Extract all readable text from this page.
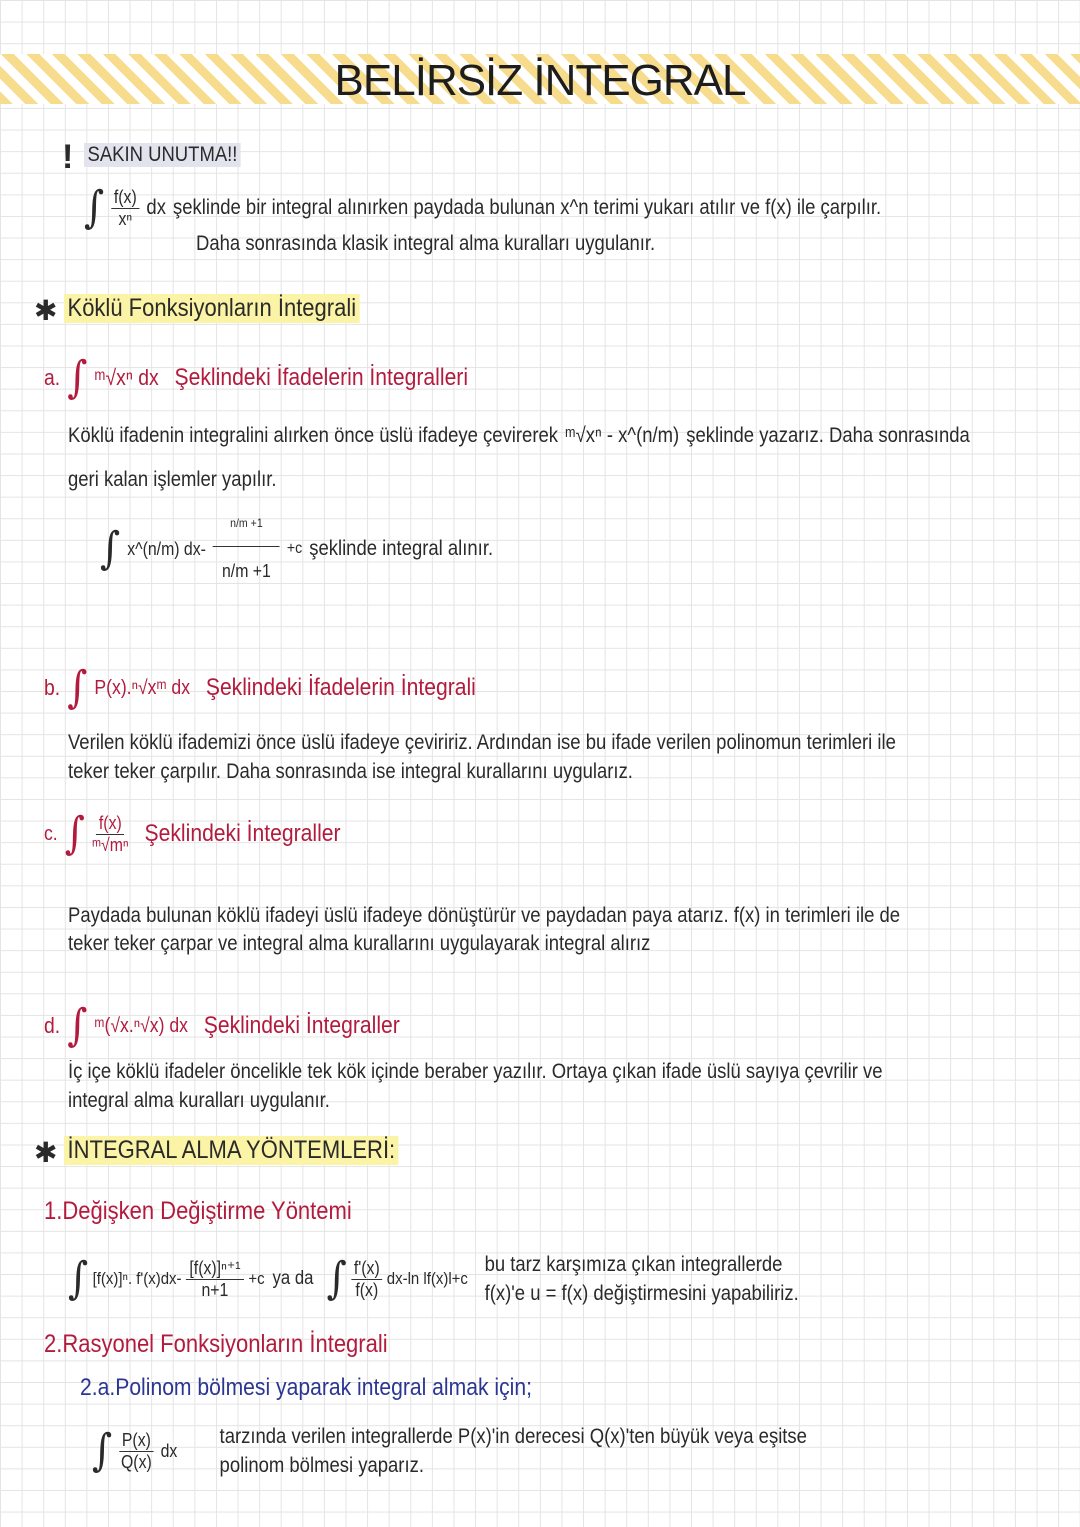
BELİRSİZ İNTEGRAL
! SAKIN UNUTMA!!
∫ $\frac{f(x)}{\text{xⁿ}}$ dx şeklinde bir integral alınırken paydada bulunan x^n terimi yukarı atılır ve f(x) ile çarpılır.
Daha sonrasında klasik integral alma kuralları uygulanır.
✱ Köklü Fonksiyonların İntegrali
a. ∫ ᵐ√xⁿ dx Şeklindeki İfadelerin İntegralleri
Köklü ifadenin integralini alırken önce üslü ifadeye çevirerek ᵐ√xⁿ - x^(n/m) şeklinde yazarız. Daha sonrasında
geri kalan işlemler yapılır.
∫ x^(n/m) $dx- \frac{n/m +1}{n/m +1} +c$ şeklinde integral alınır.
b. ∫ P(x).ⁿ√xᵐ dx Şeklindeki İfadelerin İntegrali
Verilen köklü ifademizi önce üslü ifadeye çeviririz. Ardından ise bu ifade verilen polinomun terimleri ile
teker teker çarpılır. Daha sonrasında ise integral kurallarını uygularız.
c. ∫ $\frac{f(x)}{\text{ᵐ√mⁿ}}$ Şeklindeki İntegraller
Paydada bulunan köklü ifadeyi üslü ifadeye dönüştürür ve paydadan paya atarız. f(x) in terimleri ile de
teker teker çarpar ve integral alma kurallarını uygulayarak integral alırız
d. ∫ ᵐ(√x.ⁿ√x) dx Şeklindeki İntegraller
İç içe köklü ifadeler öncelikle tek kök içinde beraber yazılır. Ortaya çıkan ifade üslü sayıya çevrilir ve
integral alma kuralları uygulanır.
✱ İNTEGRAL ALMA YÖNTEMLERİ:
1.Değişken Değiştirme Yöntemi
∫ [f(x)]ⁿ. $f'(x)dx- \frac{\text{[f(x)]ⁿ⁺¹}}{n+1} +c$ ya da ∫ $\frac{f'(x)}{f(x)} dx-\ln$ lf(x)l+c
bu tarz karşımıza çıkan integrallerde
f(x)'e u = f(x) değiştirmesini yapabiliriz.
2.Rasyonel Fonksiyonların İntegrali
2.a.Polinom bölmesi yaparak integral almak için;
∫ $\frac{P(x)}{Q(x)}$ dx
tarzında verilen integrallerde P(x)'in derecesi Q(x)'ten büyük veya eşitse
polinom bölmesi yaparız.
